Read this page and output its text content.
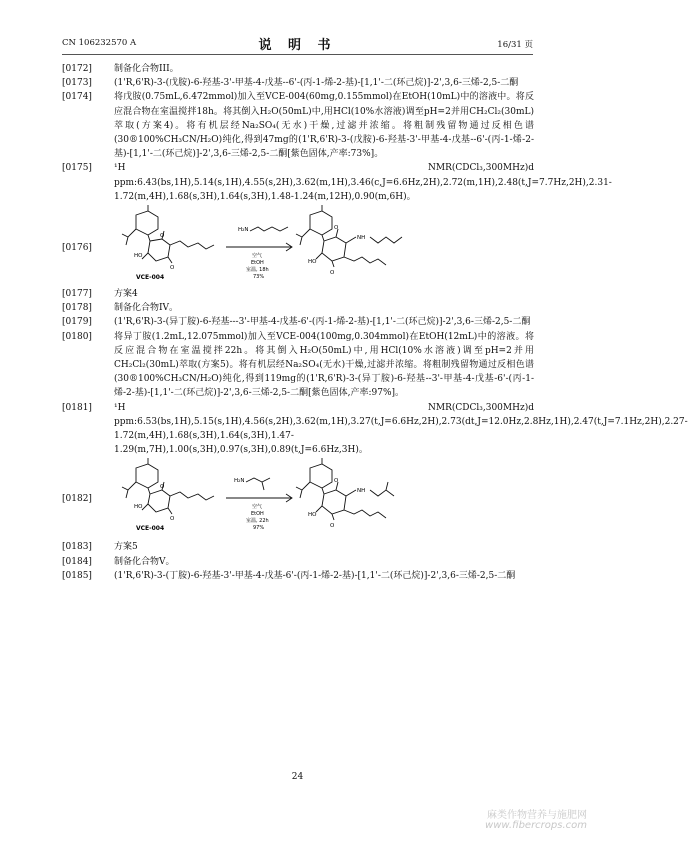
CN 106232570 A	说 明 书	16/31 页
[0172] 制备化合物III。
[0173] (1'R,6'R)-3-(戊胺)-6-羟基-3'-甲基-4-戊基--6'-(丙-1-烯-2-基)-[1,1'-二(环己烷)]-2',3,6-三烯-2,5-二酮
[0174] 将戊胺(0.75mL,6.472mmol)加入至VCE-004(60mg,0.155mmol)在EtOH(10mL)中的溶液中。将反应混合物在室温搅拌18h。将其倒入H₂O(50mL)中,用HCl(10%水溶液)调至pH=2并用CH₂Cl₂(30mL)萃取(方案4)。将有机层经Na₂SO₄(无水)干燥,过滤并浓缩。将粗制残留物通过反相色谱(30®100%CH₃CN/H₂O)纯化,得到47mg的(1'R,6'R)-3-(戊胺)-6-羟基-3'-甲基-4-戊基--6'-(丙-1-烯-2-基)-[1,1'-二(环己烷)]-2',3,6-三烯-2,5-二酮[紫色固体,产率:73%]。
[0175] ¹H NMR(CDCl₃,300MHz)d ppm:6.43(bs,1H),5.14(s,1H),4.55(s,2H),3.62(m,1H),3.46(c,J=6.6Hz,2H),2.72(m,1H),2.48(t,J=7.7Hz,2H),2.31-1.72(m,4H),1.68(s,3H),1.64(s,3H),1.48-1.24(m,12H),0.90(m,6H)。
[0176]
VCE-004
HO
O
O
H₂N
空气
EtOH
室温, 18h
73%
NH
HO
O
O
[0177] 方案4
[0178] 制备化合物IV。
[0179] (1'R,6'R)-3-(异丁胺)-6-羟基---3'-甲基-4-戊基-6'-(丙-1-烯-2-基)-[1,1'-二(环己烷)]-2',3,6-三烯-2,5-二酮
[0180] 将异丁胺(1.2mL,12.075mmol)加入至VCE-004(100mg,0.304mmol)在EtOH(12mL)中的溶液。将反应混合物在室温搅拌22h。将其倒入H₂O(50mL)中,用HCl(10%水溶液)调至pH=2并用CH₂Cl₂(30mL)萃取(方案5)。将有机层经Na₂SO₄(无水)干燥,过滤并浓缩。将粗制残留物通过反相色谱(30®100%CH₃CN/H₂O)纯化,得到119mg的(1'R,6'R)-3-(异丁胺)-6-羟基--3'-甲基-4-戊基-6'-(丙-1-烯-2-基)-[1,1'-二(环己烷)]-2',3,6-三烯-2,5-二酮[紫色固体,产率:97%]。
[0181] ¹H NMR(CDCl₃,300MHz)d ppm:6.53(bs,1H),5.15(s,1H),4.56(s,2H),3.62(m,1H),3.27(t,J=6.6Hz,2H),2.73(dt,J=12.0Hz,2.8Hz,1H),2.47(t,J=7.1Hz,2H),2.27-1.72(m,4H),1.68(s,3H),1.64(s,3H),1.47-1.29(m,7H),1.00(s,3H),0.97(s,3H),0.89(t,J=6.6Hz,3H)。
[0182]
VCE-004
HO
O
O
H₂N
空气
EtOH
室温, 22h
97%
NH
HO
O
O
[0183] 方案5
[0184] 制备化合物V。
[0185] (1'R,6'R)-3-(丁胺)-6-羟基-3'-甲基-4-戊基-6'-(丙-1-烯-2-基)-[1,1'-二(环己烷)]-2',3,6-三烯-2,5-二酮
24
麻类作物营养与施肥网
www.fibercrops.com
